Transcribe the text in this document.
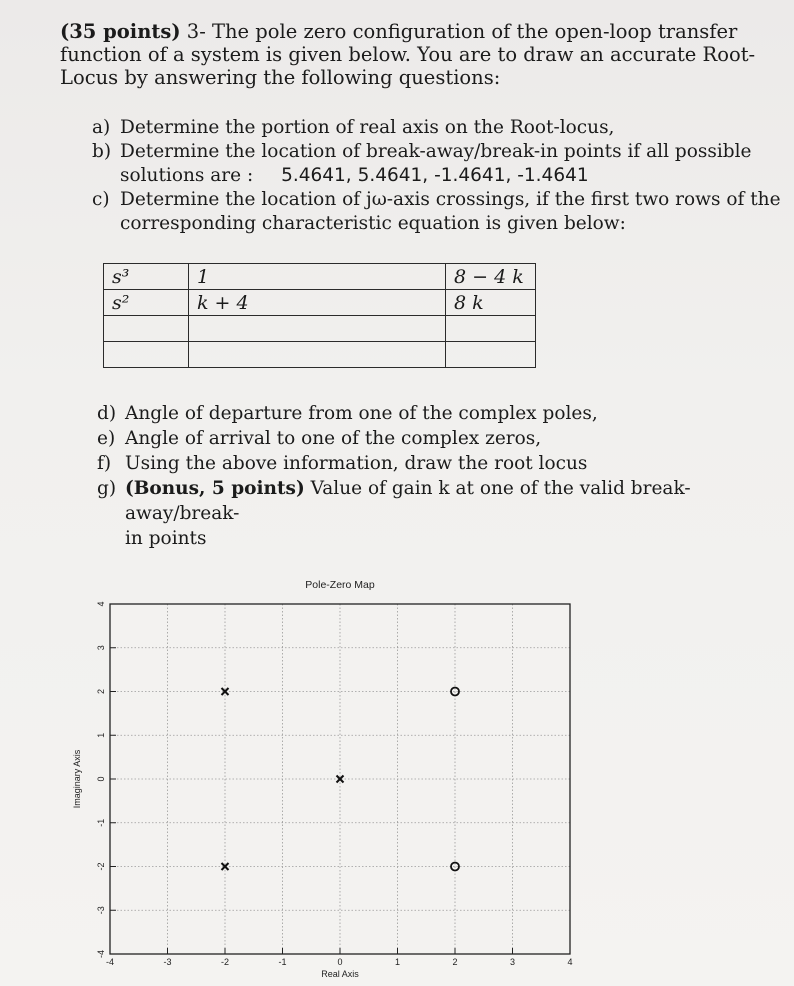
(35 points) 3- The pole zero configuration of the open-loop transfer function of a system is given below. You are to draw an accurate Root-Locus by answering the following questions:
a) Determine the portion of real axis on the Root-locus,
b) Determine the location of break-away/break-in points if all possible
solutions are : 5.4641, 5.4641, -1.4641, -1.4641
c) Determine the location of jω-axis crossings, if the first two rows of the corresponding characteristic equation is given below:
s³	1	8 − 4 k
s²	k + 4	8 k

d) Angle of departure from one of the complex poles,
e) Angle of arrival to one of the complex zeros,
f) Using the above information, draw the root locus
g) (Bonus, 5 points) Value of gain k at one of the valid break-away/break-
in points
-4	-3	-2	-1	0	1	2	3	4
-4
-3
-2
-1
0
1
2
3
4
Pole-Zero Map
Real Axis
Imaginary Axis
